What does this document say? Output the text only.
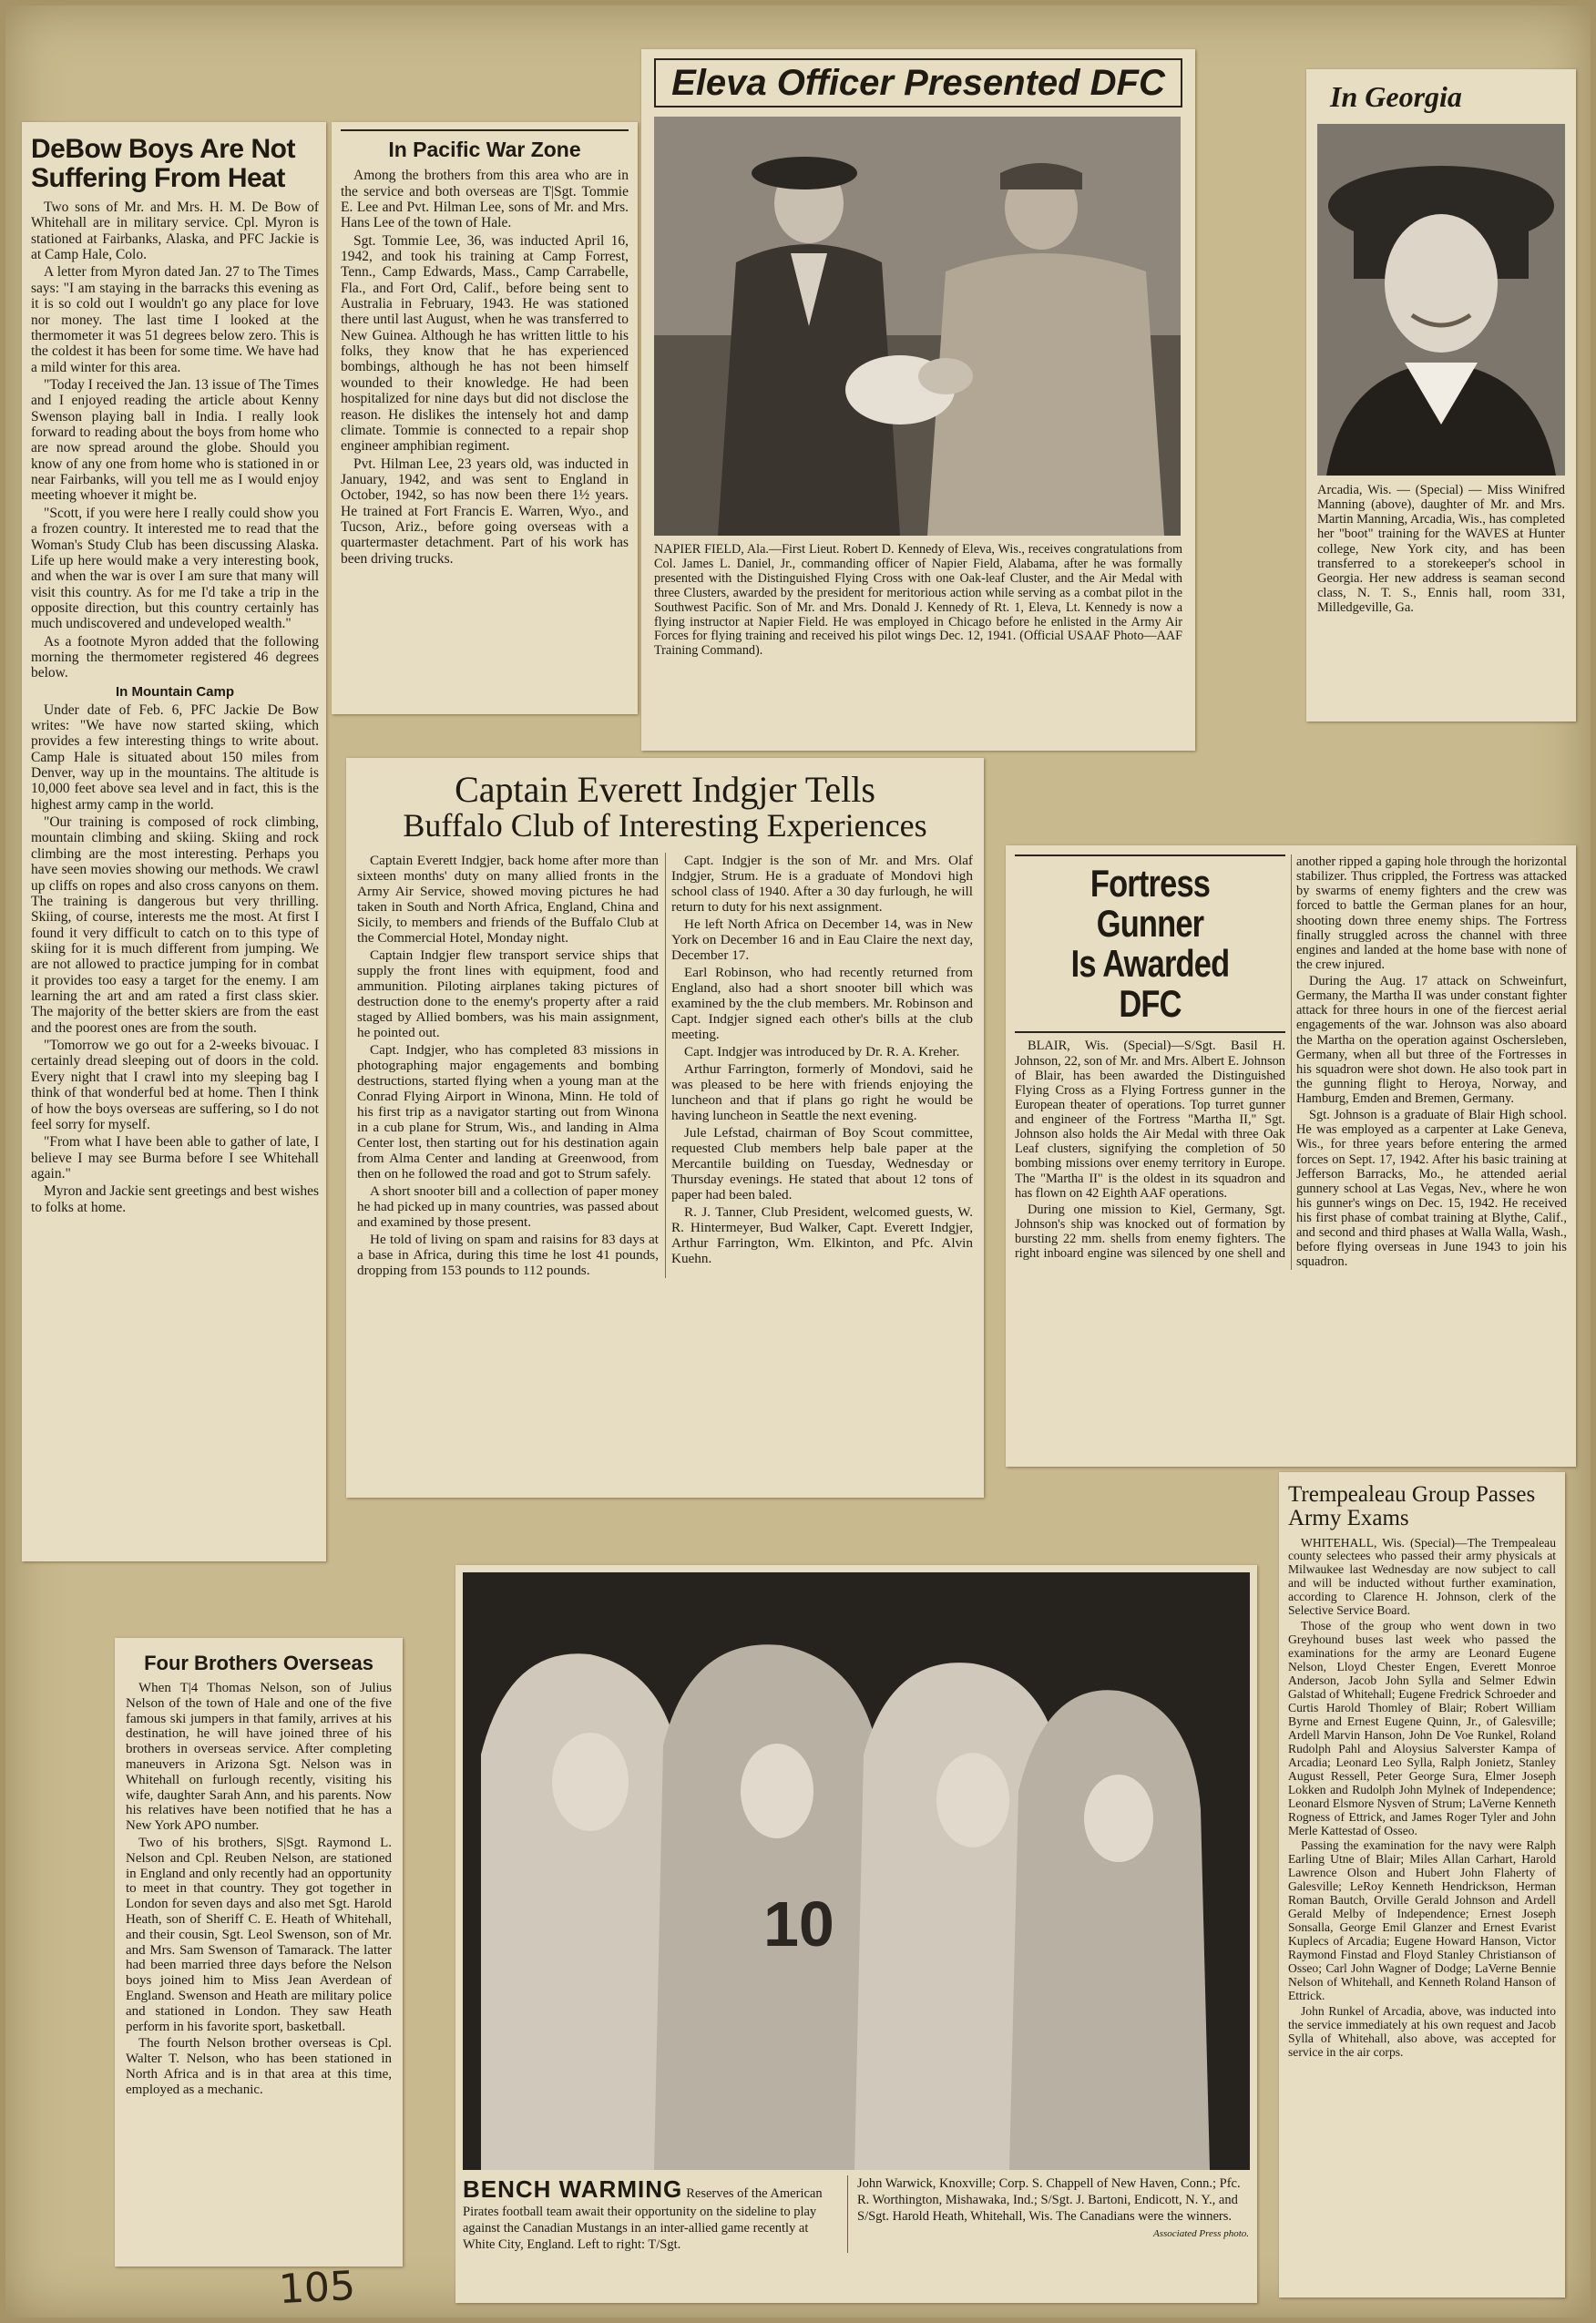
DeBow Boys Are Not Suffering From Heat

Two sons of Mr. and Mrs. H. M. De Bow of Whitehall are in military service. Cpl. Myron is stationed at Fairbanks, Alaska, and PFC Jackie is at Camp Hale, Colo.

A letter from Myron dated Jan. 27 to The Times says: "I am staying in the barracks this evening as it is so cold out I wouldn't go any place for love nor money. The last time I looked at the thermometer it was 51 degrees below zero. This is the coldest it has been for some time. We have had a mild winter for this area.

"Today I received the Jan. 13 issue of The Times and I enjoyed reading the article about Kenny Swenson playing ball in India. I really look forward to reading about the boys from home who are now spread around the globe. Should you know of any one from home who is stationed in or near Fairbanks, will you tell me as I would enjoy meeting whoever it might be.

"Scott, if you were here I really could show you a frozen country. It interested me to read that the Woman's Study Club has been discussing Alaska. Life up here would make a very interesting book, and when the war is over I am sure that many will visit this country. As for me I'd take a trip in the opposite direction, but this country certainly has much undiscovered and undeveloped wealth."

As a footnote Myron added that the following morning the thermometer registered 46 degrees below.

In Mountain Camp

Under date of Feb. 6, PFC Jackie De Bow writes: "We have now started skiing, which provides a few interesting things to write about. Camp Hale is situated about 150 miles from Denver, way up in the mountains. The altitude is 10,000 feet above sea level and in fact, this is the highest army camp in the world.

"Our training is composed of rock climbing, mountain climbing and skiing. Skiing and rock climbing are the most interesting. Perhaps you have seen movies showing our methods. We crawl up cliffs on ropes and also cross canyons on them. The training is dangerous but very thrilling. Skiing, of course, interests me the most. At first I found it very difficult to catch on to this type of skiing for it is much different from jumping. We are not allowed to practice jumping for in combat it provides too easy a target for the enemy. I am learning the art and am rated a first class skier. The majority of the better skiers are from the east and the poorest ones are from the south.

"Tomorrow we go out for a 2-weeks bivouac. I certainly dread sleeping out of doors in the cold. Every night that I crawl into my sleeping bag I think of that wonderful bed at home. Then I think of how the boys overseas are suffering, so I do not feel sorry for myself.

"From what I have been able to gather of late, I believe I may see Burma before I see Whitehall again."

Myron and Jackie sent greetings and best wishes to folks at home.

In Pacific War Zone

Among the brothers from this area who are in the service and both overseas are T|Sgt. Tommie E. Lee and Pvt. Hilman Lee, sons of Mr. and Mrs. Hans Lee of the town of Hale.

Sgt. Tommie Lee, 36, was inducted April 16, 1942, and took his training at Camp Forrest, Tenn., Camp Edwards, Mass., Camp Carrabelle, Fla., and Fort Ord, Calif., before being sent to Australia in February, 1943. He was stationed there until last August, when he was transferred to New Guinea. Although he has written little to his folks, they know that he has experienced bombings, although he has not been himself wounded to their knowledge. He had been hospitalized for nine days but did not disclose the reason. He dislikes the intensely hot and damp climate. Tommie is connected to a repair shop engineer amphibian regiment.

Pvt. Hilman Lee, 23 years old, was inducted in January, 1942, and was sent to England in October, 1942, so has now been there 1½ years. He trained at Fort Francis E. Warren, Wyo., and Tucson, Ariz., before going overseas with a quartermaster detachment. Part of his work has been driving trucks.

Eleva Officer Presented DFC

NAPIER FIELD, Ala.—First Lieut. Robert D. Kennedy of Eleva, Wis., receives congratulations from Col. James L. Daniel, Jr., commanding officer of Napier Field, Alabama, after he was formally presented with the Distinguished Flying Cross with one Oak-leaf Cluster, and the Air Medal with three Clusters, awarded by the president for meritorious action while serving as a combat pilot in the Southwest Pacific. Son of Mr. and Mrs. Donald J. Kennedy of Rt. 1, Eleva, Lt. Kennedy is now a flying instructor at Napier Field. He was employed in Chicago before he enlisted in the Army Air Forces for flying training and received his pilot wings Dec. 12, 1941. (Official USAAF Photo—AAF Training Command).

In Georgia

Arcadia, Wis. — (Special) — Miss Winifred Manning (above), daughter of Mr. and Mrs. Martin Manning, Arcadia, Wis., has completed her "boot" training for the WAVES at Hunter college, New York city, and has been transferred to a storekeeper's school in Georgia. Her new address is seaman second class, N. T. S., Ennis hall, room 331, Milledgeville, Ga.

Captain Everett Indgjer Tells
Buffalo Club of Interesting Experiences

Captain Everett Indgjer, back home after more than sixteen months' duty on many allied fronts in the Army Air Service, showed moving pictures he had taken in South and North Africa, England, China and Sicily, to members and friends of the Buffalo Club at the Commercial Hotel, Monday night.

Captain Indgjer flew transport service ships that supply the front lines with equipment, food and ammunition. Piloting airplanes taking pictures of destruction done to the enemy's property after a raid staged by Allied bombers, was his main assignment, he pointed out.

Capt. Indgjer, who has completed 83 missions in photographing major engagements and bombing destructions, started flying when a young man at the Conrad Flying Airport in Winona, Minn. He told of his first trip as a navigator starting out from Winona in a cub plane for Strum, Wis., and landing in Alma Center lost, then starting out for his destination again from Alma Center and landing at Greenwood, from then on he followed the road and got to Strum safely.

A short snooter bill and a collection of paper money he had picked up in many countries, was passed about and examined by those present.

He told of living on spam and raisins for 83 days at a base in Africa, during this time he lost 41 pounds, dropping from 153 pounds to 112 pounds.

Capt. Indgjer is the son of Mr. and Mrs. Olaf Indgjer, Strum. He is a graduate of Mondovi high school class of 1940. After a 30 day furlough, he will return to duty for his next assignment.

He left North Africa on December 14, was in New York on December 16 and in Eau Claire the next day, December 17.

Earl Robinson, who had recently returned from England, also had a short snooter bill which was examined by the the club members. Mr. Robinson and Capt. Indgjer signed each other's bills at the club meeting.

Capt. Indgjer was introduced by Dr. R. A. Kreher.

Arthur Farrington, formerly of Mondovi, said he was pleased to be here with friends enjoying the luncheon and that if plans go right he would be having luncheon in Seattle the next evening.

Jule Lefstad, chairman of Boy Scout committee, requested Club members help bale paper at the Mercantile building on Tuesday, Wednesday or Thursday evenings. He stated that about 12 tons of paper had been baled.

R. J. Tanner, Club President, welcomed guests, W. R. Hintermeyer, Bud Walker, Capt. Everett Indgjer, Arthur Farrington, Wm. Elkinton, and Pfc. Alvin Kuehn.

Fortress Gunner
Is Awarded DFC

BLAIR, Wis. (Special)—S/Sgt. Basil H. Johnson, 22, son of Mr. and Mrs. Albert E. Johnson of Blair, has been awarded the Distinguished Flying Cross as a Flying Fortress gunner in the European theater of operations. Top turret gunner and engineer of the Fortress "Martha II," Sgt. Johnson also holds the Air Medal with three Oak Leaf clusters, signifying the completion of 50 bombing missions over enemy territory in Europe. The "Martha II" is the oldest in its squadron and has flown on 42 Eighth AAF operations.

During one mission to Kiel, Germany, Sgt. Johnson's ship was knocked out of formation by bursting 22 mm. shells from enemy fighters. The right inboard engine was silenced by one shell and another ripped a gaping hole through the horizontal stabilizer. Thus crippled, the Fortress was attacked by swarms of enemy fighters and the crew was forced to battle the German planes for an hour, shooting down three enemy ships. The Fortress finally struggled across the channel with three engines and landed at the home base with none of the crew injured.

During the Aug. 17 attack on Schweinfurt, Germany, the Martha II was under constant fighter attack for three hours in one of the fiercest aerial engagements of the war. Johnson was also aboard the Martha on the operation against Oschersleben, Germany, when all but three of the Fortresses in his squadron were shot down. He also took part in the gunning flight to Heroya, Norway, and Hamburg, Emden and Bremen, Germany.

Sgt. Johnson is a graduate of Blair High school. He was employed as a carpenter at Lake Geneva, Wis., for three years before entering the armed forces on Sept. 17, 1942. After his basic training at Jefferson Barracks, Mo., he attended aerial gunnery school at Las Vegas, Nev., where he won his gunner's wings on Dec. 15, 1942. He received his first phase of combat training at Blythe, Calif., and second and third phases at Walla Walla, Wash., before flying overseas in June 1943 to join his squadron.

Trempealeau Group Passes Army Exams

WHITEHALL, Wis. (Special)—The Trempealeau county selectees who passed their army physicals at Milwaukee last Wednesday are now subject to call and will be inducted without further examination, according to Clarence H. Johnson, clerk of the Selective Service Board.

Those of the group who went down in two Greyhound buses last week who passed the examinations for the army are Leonard Eugene Nelson, Lloyd Chester Engen, Everett Monroe Anderson, Jacob John Sylla and Selmer Edwin Galstad of Whitehall; Eugene Fredrick Schroeder and Curtis Harold Thomley of Blair; Robert William Byrne and Ernest Eugene Quinn, Jr., of Galesville; Ardell Marvin Hanson, John De Voe Runkel, Roland Rudolph Pahl and Aloysius Salverster Kampa of Arcadia; Leonard Leo Sylla, Ralph Jonietz, Stanley August Ressell, Peter George Sura, Elmer Joseph Lokken and Rudolph John Mylnek of Independence; Leonard Elsmore Nysven of Strum; LaVerne Kenneth Rogness of Ettrick, and James Roger Tyler and John Merle Kattestad of Osseo.

Passing the examination for the navy were Ralph Earling Utne of Blair; Miles Allan Carhart, Harold Lawrence Olson and Hubert John Flaherty of Galesville; LeRoy Kenneth Hendrickson, Herman Roman Bautch, Orville Gerald Johnson and Ardell Gerald Melby of Independence; Ernest Joseph Sonsalla, George Emil Glanzer and Ernest Evarist Kuplecs of Arcadia; Eugene Howard Hanson, Victor Raymond Finstad and Floyd Stanley Christianson of Osseo; Carl John Wagner of Dodge; LaVerne Bennie Nelson of Whitehall, and Kenneth Roland Hanson of Ettrick.

John Runkel of Arcadia, above, was inducted into the service immediately at his own request and Jacob Sylla of Whitehall, also above, was accepted for service in the air corps.

Four Brothers Overseas

When T|4 Thomas Nelson, son of Julius Nelson of the town of Hale and one of the five famous ski jumpers in that family, arrives at his destination, he will have joined three of his brothers in overseas service. After completing maneuvers in Arizona Sgt. Nelson was in Whitehall on furlough recently, visiting his wife, daughter Sarah Ann, and his parents. Now his relatives have been notified that he has a New York APO number.

Two of his brothers, S|Sgt. Raymond L. Nelson and Cpl. Reuben Nelson, are stationed in England and only recently had an opportunity to meet in that country. They got together in London for seven days and also met Sgt. Harold Heath, son of Sheriff C. E. Heath of Whitehall, and their cousin, Sgt. Leol Swenson, son of Mr. and Mrs. Sam Swenson of Tamarack. The latter had been married three days before the Nelson boys joined him to Miss Jean Averdean of England. Swenson and Heath are military police and stationed in London. They saw Heath perform in his favorite sport, basketball.

The fourth Nelson brother overseas is Cpl. Walter T. Nelson, who has been stationed in North Africa and is in that area at this time, employed as a mechanic.

10
BENCH WARMING Reserves of the American Pirates football team await their opportunity on the sideline to play against the Canadian Mustangs in an inter-allied game recently at White City, England. Left to right: T/Sgt.
John Warwick, Knoxville; Corp. S. Chappell of New Haven, Conn.; Pfc. R. Worthington, Mishawaka, Ind.; S/Sgt. J. Bartoni, Endicott, N. Y., and S/Sgt. Harold Heath, Whitehall, Wis. The Canadians were the winners.
Associated Press photo.
105
